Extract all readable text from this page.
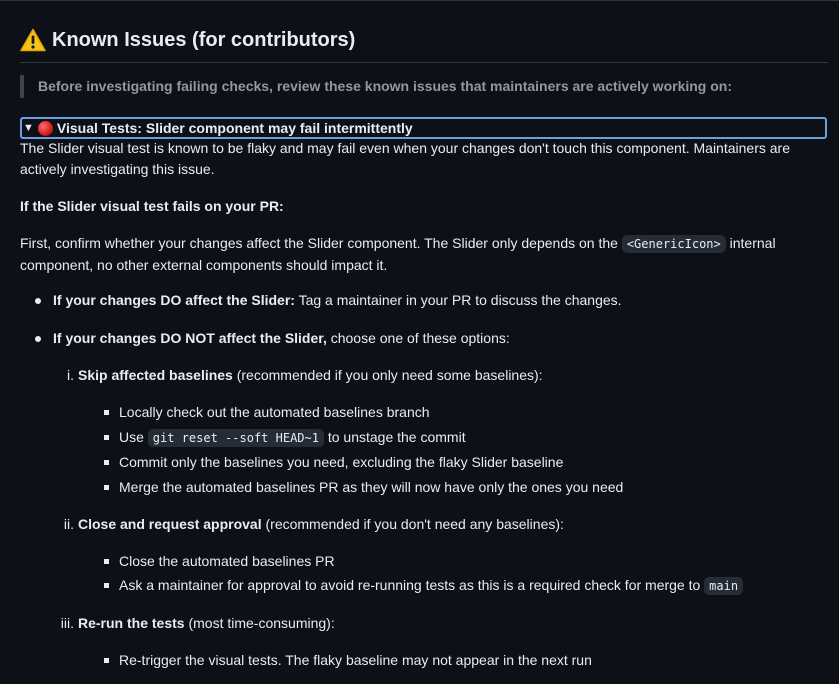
Known Issues (for contributors)
Before investigating failing checks, review these known issues that maintainers are actively working on:
▼ Visual Tests: Slider component may fail intermittently
The Slider visual test is known to be flaky and may fail even when your changes don't touch this component. Maintainers are actively investigating this issue.
If the Slider visual test fails on your PR:
First, confirm whether your changes affect the Slider component. The Slider only depends on the <GenericIcon> internal component, no other external components should impact it.
If your changes DO affect the Slider: Tag a maintainer in your PR to discuss the changes.
If your changes DO NOT affect the Slider, choose one of these options:
i. Skip affected baselines (recommended if you only need some baselines):
Locally check out the automated baselines branch
Use git reset --soft HEAD~1 to unstage the commit
Commit only the baselines you need, excluding the flaky Slider baseline
Merge the automated baselines PR as they will now have only the ones you need
ii. Close and request approval (recommended if you don't need any baselines):
Close the automated baselines PR
Ask a maintainer for approval to avoid re-running tests as this is a required check for merge to main
iii. Re-run the tests (most time-consuming):
Re-trigger the visual tests. The flaky baseline may not appear in the next run
